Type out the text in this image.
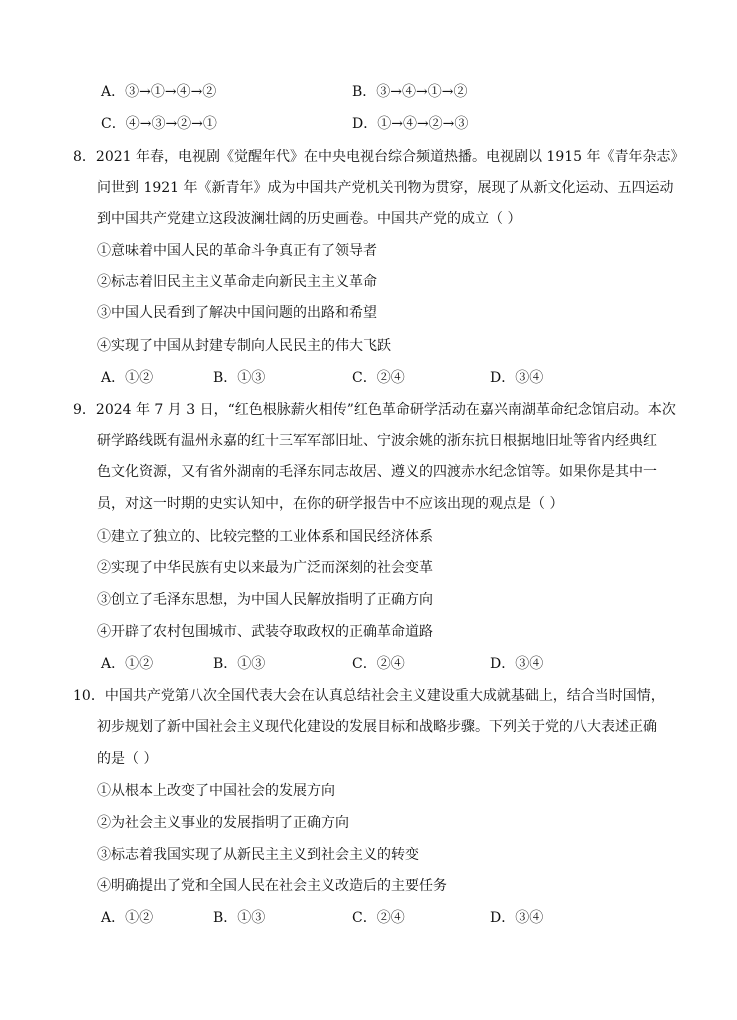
A．③→①→④→②	B．③→④→①→②
C．④→③→②→①	D．①→④→②→③
8．2021 年春，电视剧《觉醒年代》在中央电视台综合频道热播。电视剧以 1915 年《青年杂志》
问世到 1921 年《新青年》成为中国共产党机关刊物为贯穿，展现了从新文化运动、五四运动
到中国共产党建立这段波澜壮阔的历史画卷。中国共产党的成立（ ）
①意味着中国人民的革命斗争真正有了领导者
②标志着旧民主主义革命走向新民主主义革命
③中国人民看到了解决中国问题的出路和希望
④实现了中国从封建专制向人民民主的伟大飞跃
A．①②	B．①③	C．②④	D．③④
9．2024 年 7 月 3 日，“红色根脉薪火相传”红色革命研学活动在嘉兴南湖革命纪念馆启动。本次
研学路线既有温州永嘉的红十三军军部旧址、宁波余姚的浙东抗日根据地旧址等省内经典红
色文化资源，又有省外湖南的毛泽东同志故居、遵义的四渡赤水纪念馆等。如果你是其中一
员，对这一时期的史实认知中，在你的研学报告中不应该出现的观点是（ ）
①建立了独立的、比较完整的工业体系和国民经济体系
②实现了中华民族有史以来最为广泛而深刻的社会变革
③创立了毛泽东思想，为中国人民解放指明了正确方向
④开辟了农村包围城市、武装夺取政权的正确革命道路
A．①②	B．①③	C．②④	D．③④
10．中国共产党第八次全国代表大会在认真总结社会主义建设重大成就基础上，结合当时国情，
初步规划了新中国社会主义现代化建设的发展目标和战略步骤。下列关于党的八大表述正确
的是（ ）
①从根本上改变了中国社会的发展方向
②为社会主义事业的发展指明了正确方向
③标志着我国实现了从新民主主义到社会主义的转变
④明确提出了党和全国人民在社会主义改造后的主要任务
A．①②	B．①③	C．②④	D．③④
